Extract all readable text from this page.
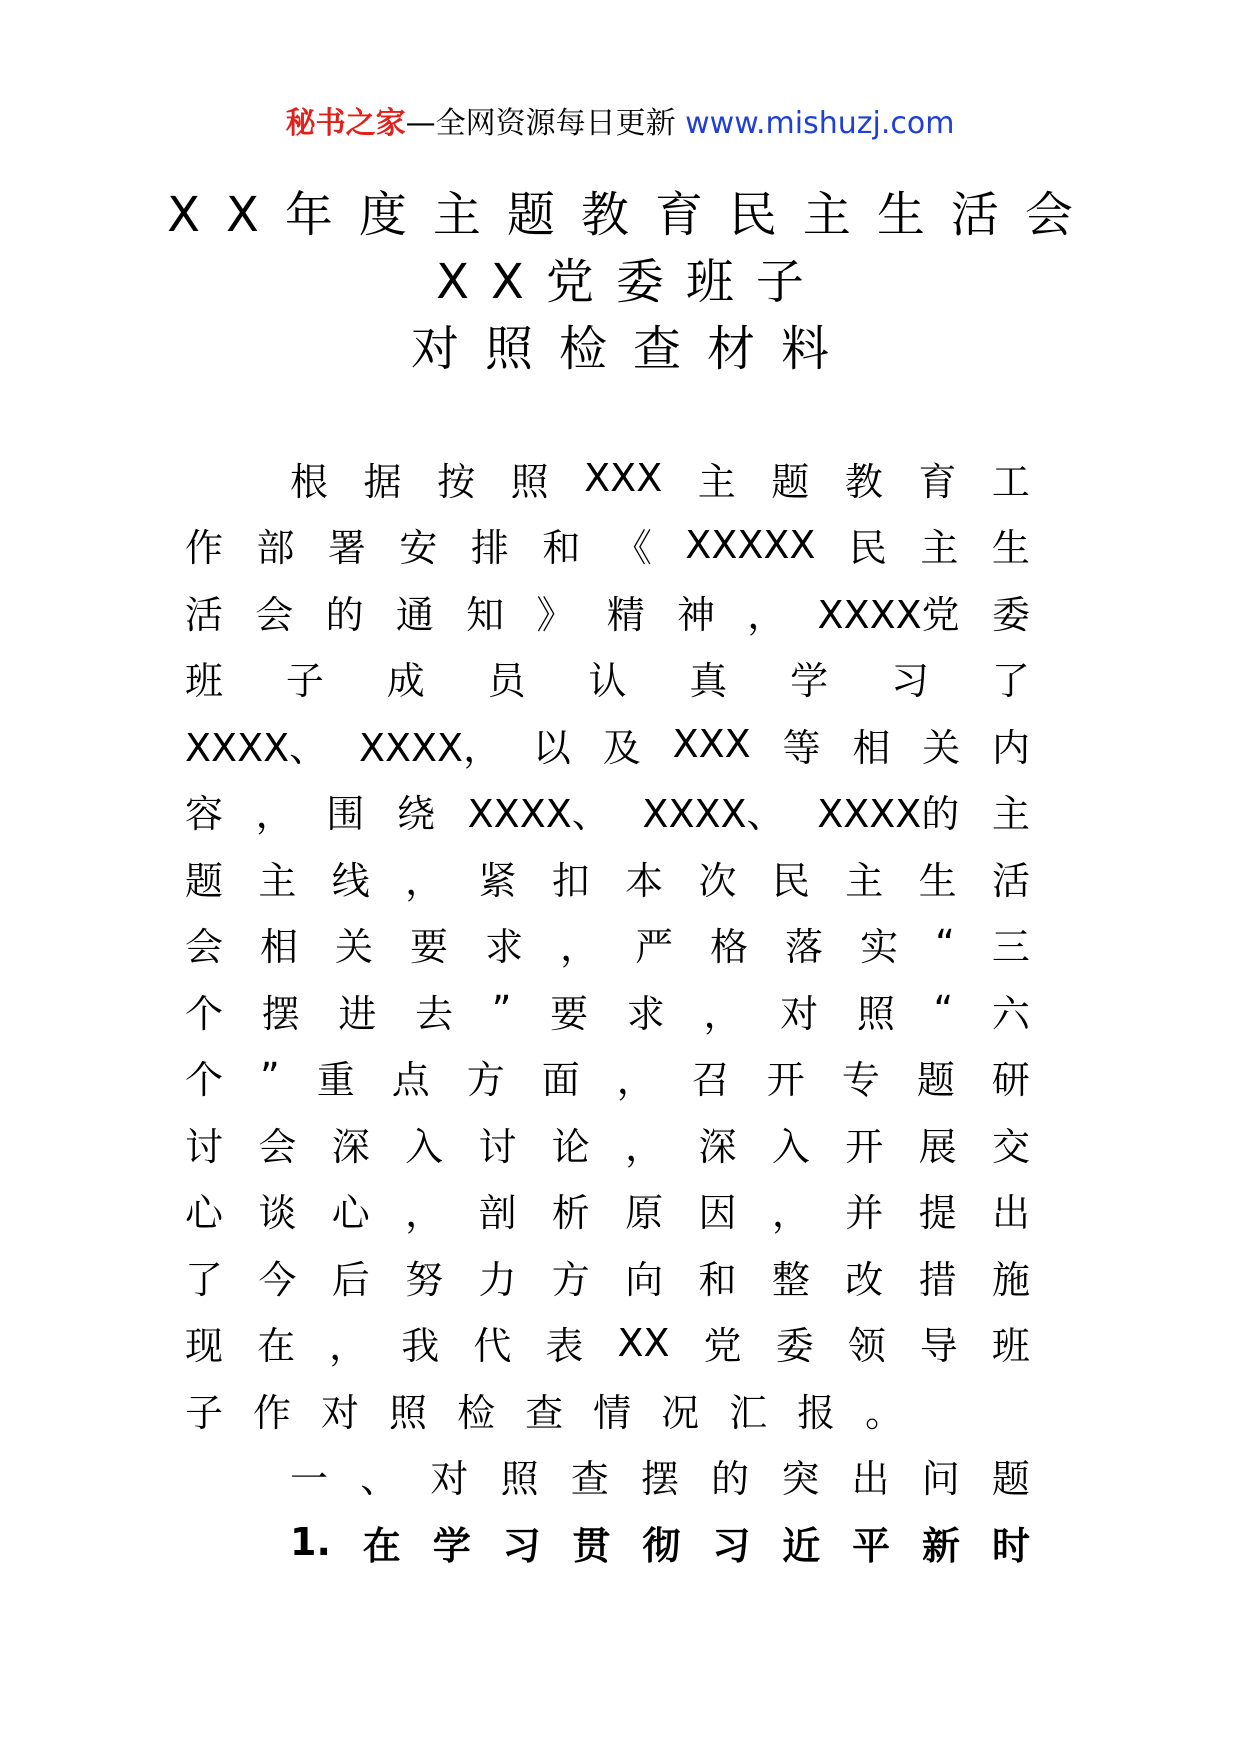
秘书之家—全网资源每日更新 www.mishuzj.com
XX年度主题教育民主生活会
XX党委班子
对照检查材料
根 据 按 照 XXX 主 题 教 育 工
作 部 署 安 排 和 《 XXXXX 民 主 生
活 会 的 通 知 》 精 神 ， XXXX党 委
班 子 成 员 认 真 学 习 了
XXXX、 XXXX， 以 及 XXX 等 相 关 内
容 ， 围 绕 XXXX、 XXXX、 XXXX的 主
题 主 线 ， 紧 扣 本 次 民 主 生 活
会 相 关 要 求 ， 严 格 落 实 “ 三
个 摆 进 去 ” 要 求 ， 对 照 “ 六
个 ” 重 点 方 面 ， 召 开 专 题 研
讨 会 深 入 讨 论 ， 深 入 开 展 交
心 谈 心 ， 剖 析 原 因 ， 并 提 出
了 今 后 努 力 方 向 和 整 改 措 施
现 在 ， 我 代 表 XX 党 委 领 导 班
子 作 对 照 检 查 情 况 汇 报 。
一 、 对 照 查 摆 的 突 出 问 题
1. 在 学 习 贯 彻 习 近 平 新 时
